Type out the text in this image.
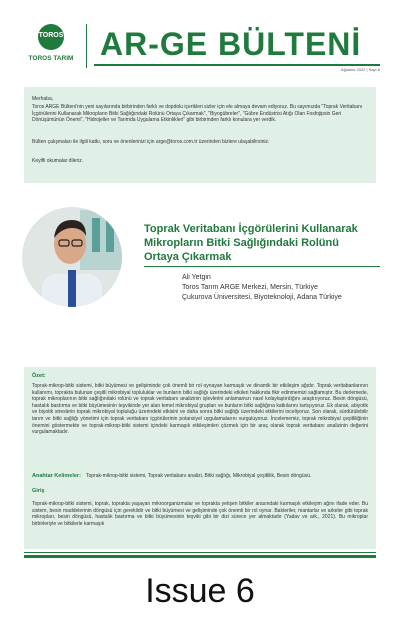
TOROS
TOROS TARIM AR-GE BÜLTENİ
Ağustos 2022 | Sayı 6

Merhaba,

Toros ARGE Bülteni'nin yeni sayılarında birbirinden farklı ve dopdolu içerikleri sizler için ele almaya devam ediyoruz. Bu sayımızda "Toprak Veritabanı İçgörülerini Kullanarak Mikropların Bitki Sağlığındaki Rolünü Ortaya Çıkarmak", "Biyogübreler", "Gübre Endüstrisi Atığı Olan Fosfojipsin Geri Dönüşümünün Önemi", "Hidrojeller ve Tarımda Uygulama Etkinlikleri" gibi birbirinden farklı konulara yer verdik.

Bülten çalışmaları ile ilgili katkı, soru ve önerilerinizi için arge@toros.com.tr üzerinden bizlere ulaşabilirsiniz.

Keyifli okumalar dileriz.

Toprak Veritabanı İçgörülerini Kullanarak Mikropların Bitki Sağlığındaki Rolünü Ortaya Çıkarmak
Ali Yetgin
Toros Tarım ARGE Merkezi, Mersin, Türkiye
Çukurova Üniversitesi, Biyoteknoloji, Adana Türkiye
Özet:

Toprak-mikrop-bitki sistemi, bitki büyümesi ve gelişiminde çok önemli bir rol oynayan karmaşık ve dinamik bir etkileşim ağıdır. Toprak veritabanlarının kullanımı, toprakta bulunan çeşitli mikrobiyal topluluklar ve bunların bitki sağlığı üzerindeki etkileri hakkında fikir edinmemizi sağlamıştır. Bu derlemede, toprak mikroplarının bitki sağlığındaki rolünü ve toprak veritabanı analizinin işlevlerini anlamamızı nasıl kolaylaştırdığını araştırıyoruz. Besin döngüsü, hastalık bastırma ve bitki büyümesinin teşvikinde yer alan temel mikrobiyal grupları ve bunların bitki sağlığına katkılarını tartışıyoruz. Ek olarak, abiyotik ve biyotik streslerin toprak mikrobiyal topluluğu üzerindeki etkisini ve daha sonra bitki sağlığı üzerindeki etkilerini inceliyoruz. Son olarak, sürdürülebilir tarım ve bitki sağlığı yönetimi için toprak veritabanı içgörülerinin potansiyel uygulamalarını vurguluyoruz. İncelememiz, toprak mikrobiyal çeşitliliğinin önemini göstermekte ve toprak-mikrop-bitki sistemi içindeki karmaşık etkileşimleri çözmek için bir araç olarak toprak veritabanı analizinin değerini vurgulamaktadır.

Anahtar Kelimeler: Toprak-mikrop-bitki sistemi, Toprak veritabanı analizi, Bitki sağlığı, Mikrobiyal çeşitlilik, Besin döngüsü.

Giriş

Toprak-mikrop-bitki sistemi, toprak, toprakta yaşayan mikroorganizmalar ve toprakta yetişen bitkiler arasındaki karmaşık etkileşim ağını ifade eder. Bu sistem, besin maddelerinin döngüsü için gereklidir ve bitki büyümesi ve gelişiminde çok önemli bir rol oynar. Bakteriler, mantarlar ve arkeler gibi toprak mikropları, besin döngüsü, hastalık bastırma ve bitki büyümesinin teşviki gibi bir dizi sürece yer almaktadır (Yadav ve ark., 2021). Bu mikroplar birbirleriyle ve bitkilerle karmaşık

Issue 6
